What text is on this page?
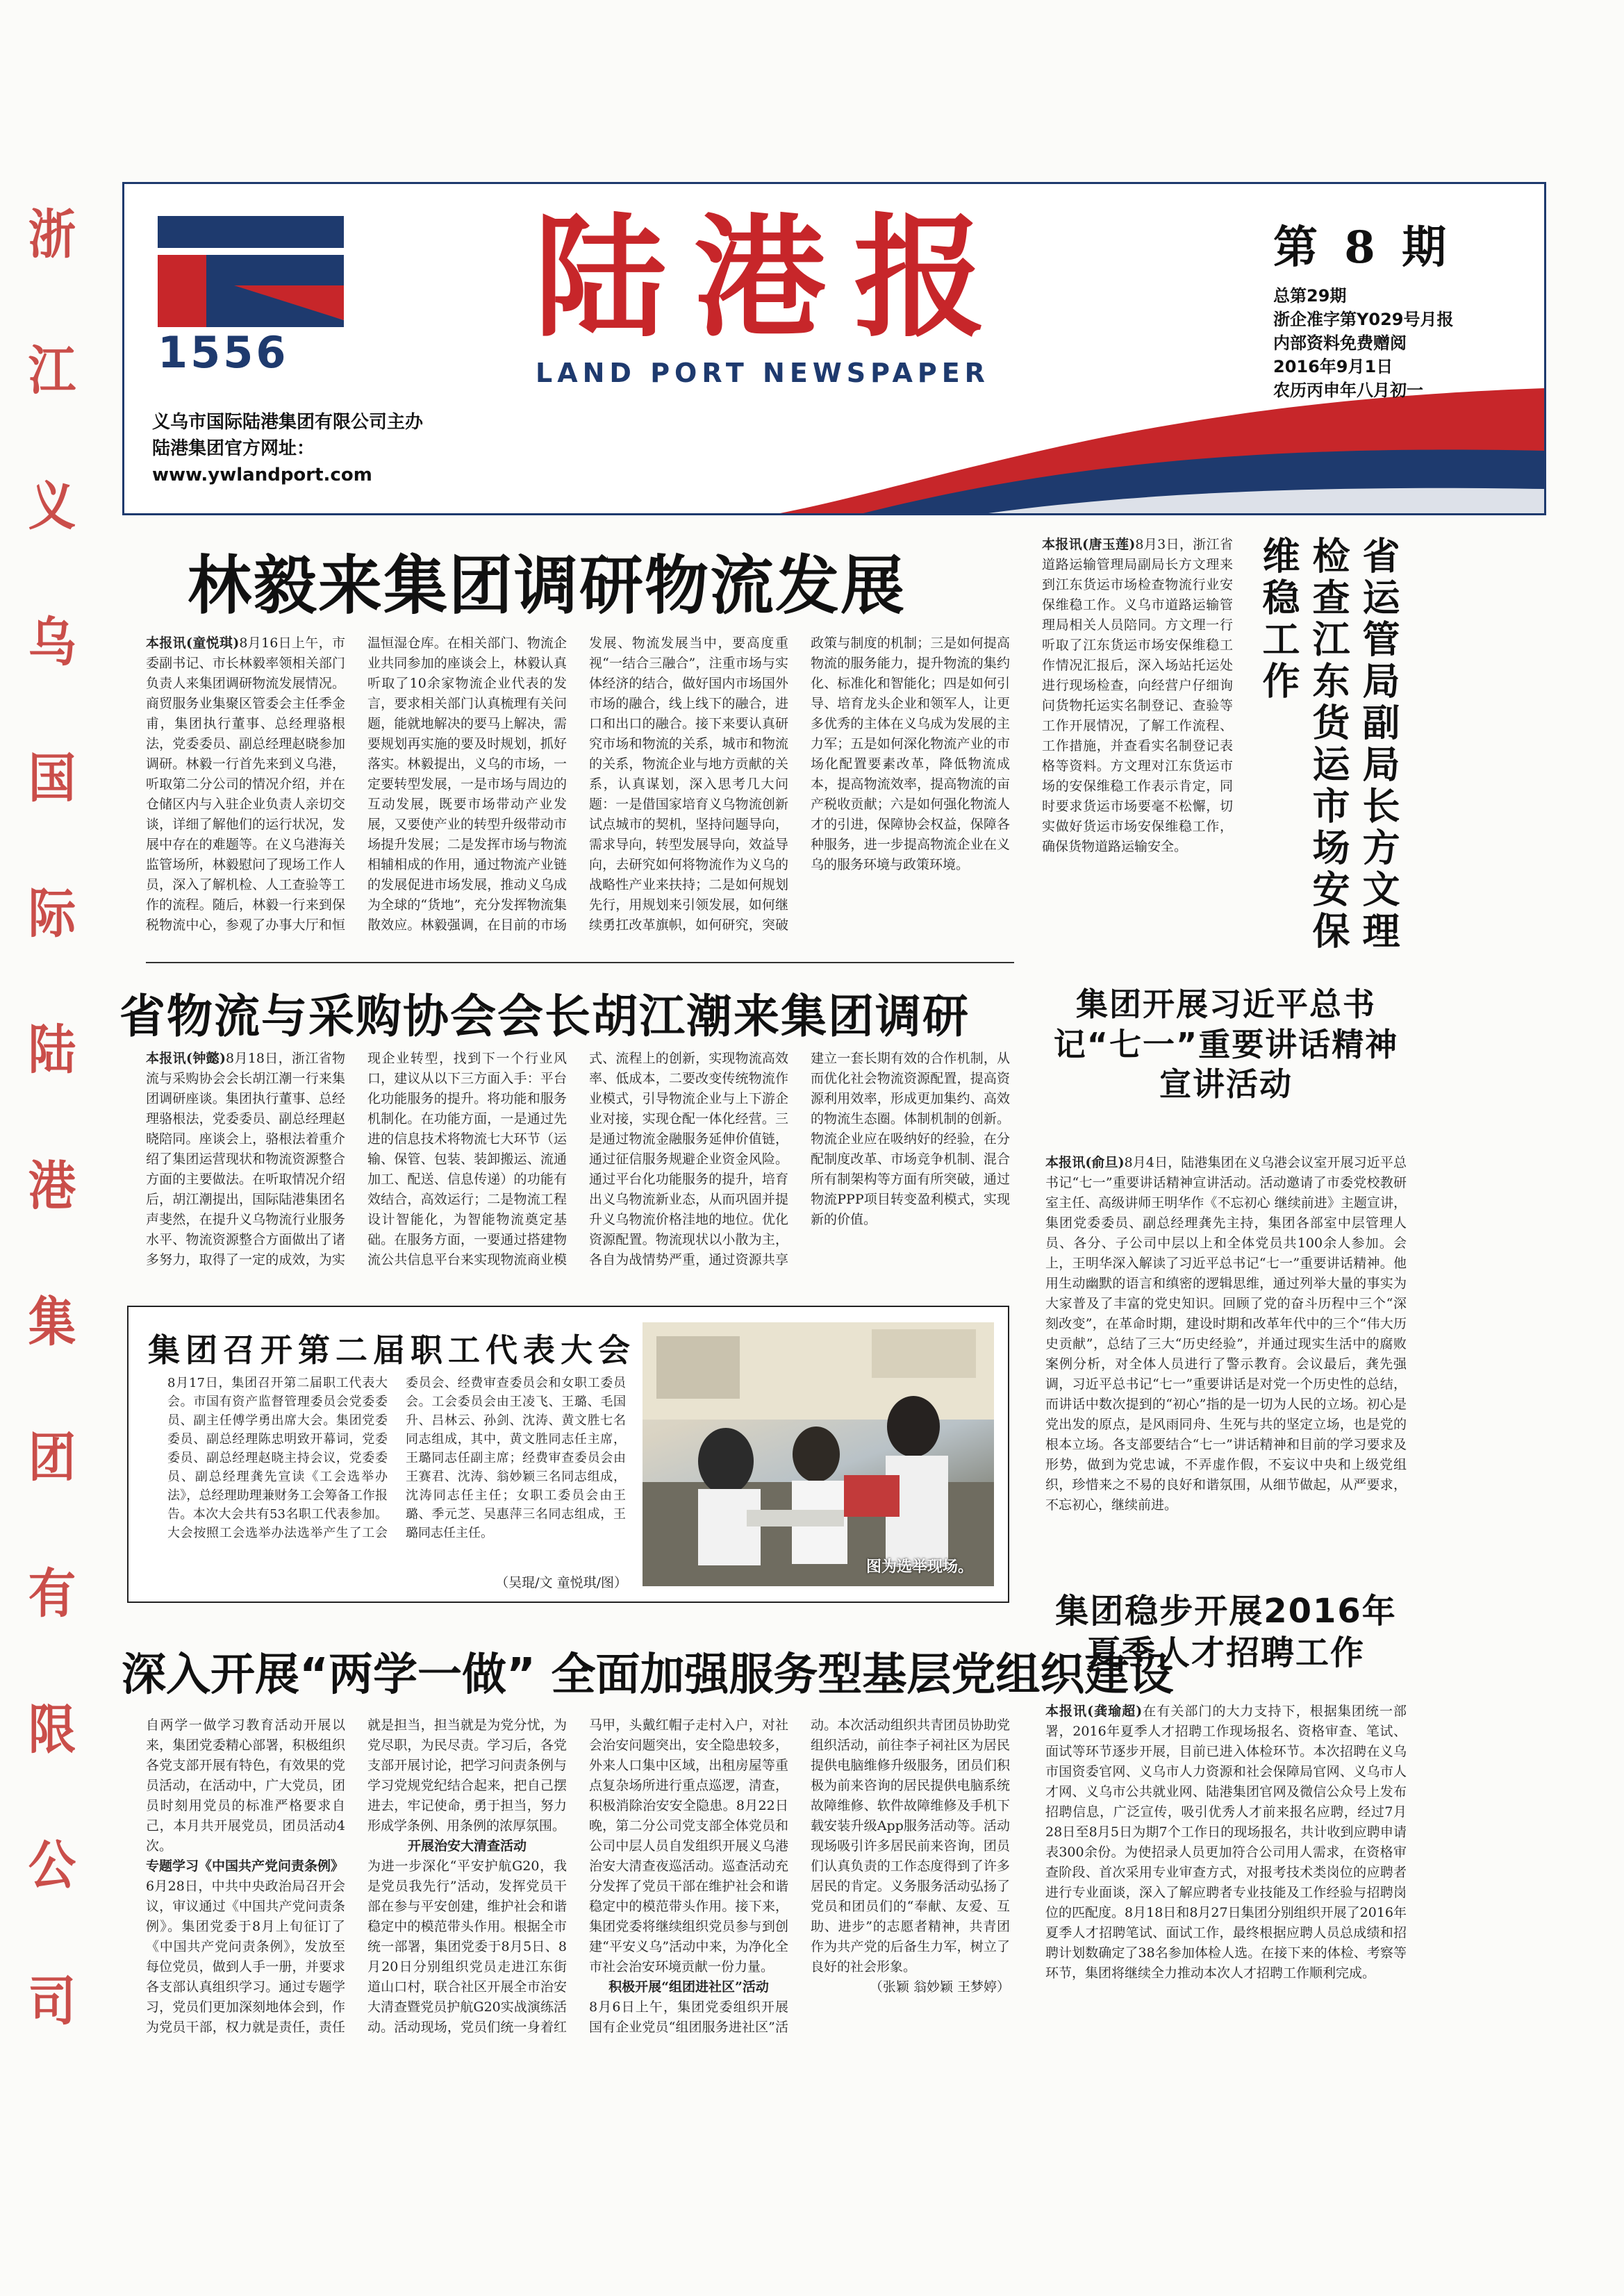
浙
江
义
乌
国
际
陆
港
集
团
有
限
公
司
1556 陆港报
LAND PORT NEWSPAPER
义乌市国际陆港集团有限公司主办
陆港集团官方网址：
www.ywlandport.com
第 8 期
总第29期
浙企准字第Y029号月报
内部资料免费赠阅
2016年9月1日
农历丙申年八月初一
林毅来集团调研物流发展
本报讯(童悦琪)8月16日上午，市委副书记、市长林毅率领相关部门负责人来集团调研物流发展情况。商贸服务业集聚区管委会主任季金甫，集团执行董事、总经理骆根法，党委委员、副总经理赵晓参加调研。林毅一行首先来到义乌港，听取第二分公司的情况介绍，并在仓储区内与入驻企业负责人亲切交谈，详细了解他们的运行状况，发展中存在的难题等。在义乌港海关监管场所，林毅慰问了现场工作人员，深入了解机检、人工查验等工作的流程。随后，林毅一行来到保税物流中心，参观了办事大厅和恒温恒湿仓库。在相关部门、物流企业共同参加的座谈会上，林毅认真听取了10余家物流企业代表的发言，要求相关部门认真梳理有关问题，能就地解决的要马上解决，需要规划再实施的要及时规划，抓好落实。林毅提出，义乌的市场，一定要转型发展，一是市场与周边的互动发展，既要市场带动产业发展，又要使产业的转型升级带动市场提升发展；二是发挥市场与物流相辅相成的作用，通过物流产业链的发展促进市场发展，推动义乌成为全球的“货地”，充分发挥物流集散效应。林毅强调，在目前的市场发展、物流发展当中，要高度重视“一结合三融合”，注重市场与实体经济的结合，做好国内市场国外市场的融合，线上线下的融合，进口和出口的融合。接下来要认真研究市场和物流的关系，城市和物流的关系，物流企业与地方贡献的关系，认真谋划，深入思考几大问题：一是借国家培育义乌物流创新试点城市的契机，坚持问题导向，需求导向，转型发展导向，效益导向，去研究如何将物流作为义乌的战略性产业来扶持；二是如何规划先行，用规划来引领发展，如何继续勇扛改革旗帜，如何研究，突破政策与制度的机制；三是如何提高物流的服务能力，提升物流的集约化、标准化和智能化；四是如何引导、培育龙头企业和领军人，让更多优秀的主体在义乌成为发展的主力军；五是如何深化物流产业的市场化配置要素改革，降低物流成本，提高物流效率，提高物流的亩产税收贡献；六是如何强化物流人才的引进，保障协会权益，保障各种服务，进一步提高物流企业在义乌的服务环境与政策环境。
本报讯(唐玉莲)8月3日，浙江省道路运输管理局副局长方文理来到江东货运市场检查物流行业安保维稳工作。义乌市道路运输管理局相关人员陪同。方文理一行听取了江东货运市场安保维稳工作情况汇报后，深入场站托运处进行现场检查，向经营户仔细询问货物托运实名制登记、查验等工作开展情况，了解工作流程、工作措施，并查看实名制登记表格等资料。方文理对江东货运市场的安保维稳工作表示肯定，同时要求货运市场要毫不松懈，切实做好货运市场安保维稳工作，确保货物道路运输安全。	省运管局副局长方文理检查江东货运市场安保维稳工作
省物流与采购协会会长胡江潮来集团调研
本报讯(钟懿)8月18日，浙江省物流与采购协会会长胡江潮一行来集团调研座谈。集团执行董事、总经理骆根法，党委委员、副总经理赵晓陪同。座谈会上，骆根法着重介绍了集团运营现状和物流资源整合方面的主要做法。在听取情况介绍后，胡江潮提出，国际陆港集团名声斐然，在提升义乌物流行业服务水平、物流资源整合方面做出了诸多努力，取得了一定的成效，为实现企业转型，找到下一个行业风口，建议从以下三方面入手：平台化功能服务的提升。将功能和服务机制化。在功能方面，一是通过先进的信息技术将物流七大环节（运输、保管、包装、装卸搬运、流通加工、配送、信息传递）的功能有效结合，高效运行；二是物流工程设计智能化，为智能物流奠定基础。在服务方面，一要通过搭建物流公共信息平台来实现物流商业模式、流程上的创新，实现物流高效率、低成本，二要改变传统物流作业模式，引导物流企业与上下游企业对接，实现仓配一体化经营。三是通过物流金融服务延伸价值链，通过征信服务规避企业资金风险。通过平台化功能服务的提升，培育出义乌物流新业态，从而巩固并提升义乌物流价格洼地的地位。优化资源配置。物流现状以小散为主，各自为战情势严重，通过资源共享建立一套长期有效的合作机制，从而优化社会物流资源配置，提高资源利用效率，形成更加集约、高效的物流生态圈。体制机制的创新。物流企业应在吸纳好的经验，在分配制度改革、市场竞争机制、混合所有制架构等方面有所突破，通过物流PPP项目转变盈利模式，实现新的价值。
集团召开第二届职工代表大会
8月17日，集团召开第二届职工代表大会。市国有资产监督管理委员会党委委员、副主任傅学勇出席大会。集团党委委员、副总经理陈忠明致开幕词，党委委员、副总经理赵晓主持会议，党委委员、副总经理龚先宣读《工会选举办法》，总经理助理兼财务工会筹备工作报告。本次大会共有53名职工代表参加。大会按照工会选举办法选举产生了工会委员会、经费审查委员会和女职工委员会。工会委员会由王凌飞、王璐、毛国升、吕林云、孙剑、沈涛、黄文胜七名同志组成，其中，黄文胜同志任主席，王璐同志任副主席；经费审查委员会由王赛君、沈涛、翁妙颖三名同志组成，沈涛同志任主任；女职工委员会由王璐、季元芝、吴惠萍三名同志组成，王璐同志任主任。
（吴琨/文 童悦琪/图）
图为选举现场。
深入开展“两学一做” 全面加强服务型基层党组织建设
自两学一做学习教育活动开展以来，集团党委精心部署，积极组织各党支部开展有特色，有效果的党员活动，在活动中，广大党员，团员时刻用党员的标准严格要求自己，本月共开展党员，团员活动4次。
专题学习《中国共产党问责条例》
6月28日，中共中央政治局召开会议，审议通过《中国共产党问责条例》。集团党委于8月上旬征订了《中国共产党问责条例》，发放至每位党员，做到人手一册，并要求各支部认真组织学习。通过专题学习，党员们更加深刻地体会到，作为党员干部，权力就是责任，责任就是担当，担当就是为党分忧，为党尽职，为民尽责。学习后，各党支部开展讨论，把学习问责条例与学习党规党纪结合起来，把自己摆进去，牢记使命，勇于担当，努力形成学条例、用条例的浓厚氛围。
开展治安大清查活动
为进一步深化“平安护航G20，我是党员我先行”活动，发挥党员干部在参与平安创建，维护社会和谐稳定中的模范带头作用。根据全市统一部署，集团党委于8月5日、8月20日分别组织党员走进江东街道山口村，联合社区开展全市治安大清查暨党员护航G20实战演练活动。活动现场，党员们统一身着红马甲，头戴红帽子走村入户，对社会治安问题突出，安全隐患较多，外来人口集中区域，出租房屋等重点复杂场所进行重点巡逻，清查，积极消除治安安全隐患。8月22日晚，第二分公司党支部全体党员和公司中层人员自发组织开展义乌港治安大清查夜巡活动。巡查活动充分发挥了党员干部在维护社会和谐稳定中的模范带头作用。接下来，集团党委将继续组织党员参与到创建“平安义乌”活动中来，为净化全市社会治安环境贡献一份力量。
积极开展“组团进社区”活动
8月6日上午，集团党委组织开展国有企业党员“组团服务进社区”活动。本次活动组织共青团员协助党组织活动，前往李子祠社区为居民提供电脑维修升级服务，团员们积极为前来咨询的居民提供电脑系统故障维修、软件故障维修及手机下载安装升级App服务活动等。活动现场吸引许多居民前来咨询，团员们认真负责的工作态度得到了许多居民的肯定。义务服务活动弘扬了党员和团员们的“奉献、友爱、互助、进步”的志愿者精神，共青团作为共产党的后备生力军，树立了良好的社会形象。
（张颖 翁妙颖 王梦婷）
集团开展习近平总书记“七一”重要讲话精神宣讲活动
本报讯(俞旦)8月4日，陆港集团在义乌港会议室开展习近平总书记“七一”重要讲话精神宣讲活动。活动邀请了市委党校教研室主任、高级讲师王明华作《不忘初心 继续前进》主题宣讲，集团党委委员、副总经理龚先主持，集团各部室中层管理人员、各分、子公司中层以上和全体党员共100余人参加。会上，王明华深入解读了习近平总书记“七一”重要讲话精神。他用生动幽默的语言和缜密的逻辑思维，通过列举大量的事实为大家普及了丰富的党史知识。回顾了党的奋斗历程中三个“深刻改变”，在革命时期，建设时期和改革年代中的三个“伟大历史贡献”，总结了三大“历史经验”，并通过现实生活中的腐败案例分析，对全体人员进行了警示教育。会议最后，龚先强调，习近平总书记“七一”重要讲话是对党一个历史性的总结，而讲话中数次提到的“初心”指的是一切为人民的立场。初心是党出发的原点，是风雨同舟、生死与共的坚定立场，也是党的根本立场。各支部要结合“七一”讲话精神和目前的学习要求及形势，做到为党忠诚，不弄虚作假，不妄议中央和上级党组织，珍惜来之不易的良好和谐氛围，从细节做起，从严要求，不忘初心，继续前进。
集团稳步开展2016年夏季人才招聘工作
本报讯(龚瑜超)在有关部门的大力支持下，根据集团统一部署，2016年夏季人才招聘工作现场报名、资格审查、笔试、面试等环节逐步开展，目前已进入体检环节。本次招聘在义乌市国资委官网、义乌市人力资源和社会保障局官网、义乌市人才网、义乌市公共就业网、陆港集团官网及微信公众号上发布招聘信息，广泛宣传，吸引优秀人才前来报名应聘，经过7月28日至8月5日为期7个工作日的现场报名，共计收到应聘申请表300余份。为使招录人员更加符合公司用人需求，在资格审查阶段、首次采用专业审查方式，对报考技术类岗位的应聘者进行专业面谈，深入了解应聘者专业技能及工作经验与招聘岗位的匹配度。8月18日和8月27日集团分别组织开展了2016年夏季人才招聘笔试、面试工作，最终根据应聘人员总成绩和招聘计划数确定了38名参加体检人选。在接下来的体检、考察等环节，集团将继续全力推动本次人才招聘工作顺利完成。
